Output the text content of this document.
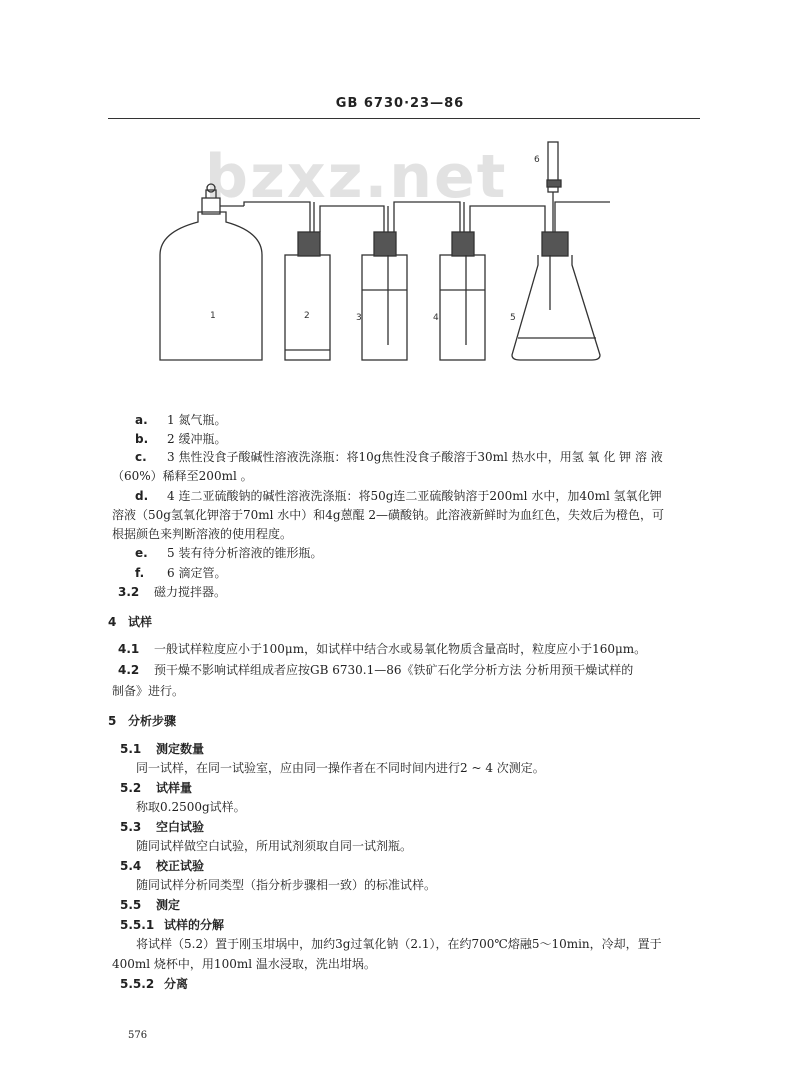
GB 6730·23—86
bzxz.net
1	2	3	4	5
6
a. 1 氮气瓶。
b. 2 缓冲瓶。
c. 3 焦性没食子酸碱性溶液洗涤瓶：将10g焦性没食子酸溶于30ml 热水中，用氢 氧 化 钾 溶 液
（60%）稀释至200ml 。
d. 4 连二亚硫酸钠的碱性溶液洗涤瓶：将50g连二亚硫酸钠溶于200ml 水中，加40ml 氢氧化钾
溶液（50g氢氧化钾溶于70ml 水中）和4g蒽醌 2—磺酸钠。此溶液新鲜时为血红色，失效后为橙色，可
根据颜色来判断溶液的使用程度。
e. 5 装有待分析溶液的锥形瓶。
f. 6 滴定管。
3.2 磁力搅拌器。
4 试样
4.1 一般试样粒度应小于100μm，如试样中结合水或易氧化物质含量高时，粒度应小于160μm。
4.2 预干燥不影响试样组成者应按GB 6730.1—86《铁矿石化学分析方法 分析用预干燥试样的
制备》进行。
5 分析步骤
5.1 测定数量
同一试样，在同一试验室，应由同一操作者在不同时间内进行2 ~ 4 次测定。
5.2 试样量
称取0.2500g试样。
5.3 空白试验
随同试样做空白试验，所用试剂须取自同一试剂瓶。
5.4 校正试验
随同试样分析同类型（指分析步骤相一致）的标准试样。
5.5 测定
5.5.1 试样的分解
将试样（5.2）置于刚玉坩埚中，加约3g过氧化钠（2.1），在约700℃熔融5～10min，冷却，置于
400ml 烧杯中，用100ml 温水浸取，洗出坩埚。
5.5.2 分离
576
